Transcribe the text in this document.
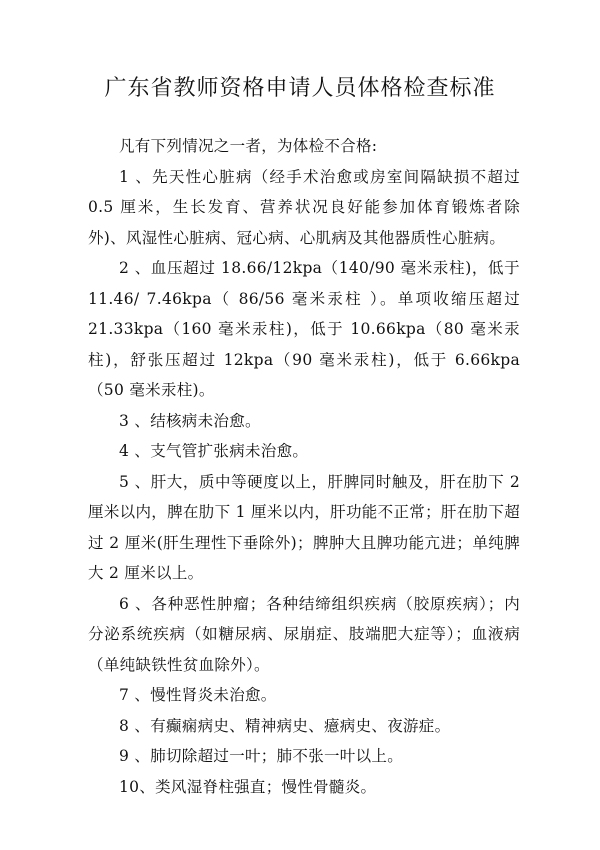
广东省教师资格申请人员体格检查标准

凡有下列情况之一者，为体检不合格:

1 、先天性心脏病（经手术治愈或房室间隔缺损不超过 0.5 厘米，生长发育、营养状况良好能参加体育锻炼者除外)、风湿性心脏病、冠心病、心肌病及其他器质性心脏病。

2 、血压超过 18.66/12kpa（140/90 毫米汞柱)，低于 11.46/ 7.46kpa（ 86/56 毫米汞柱 ）。单项收缩压超过 21.33kpa（160 毫米汞柱)，低于 10.66kpa（80 毫米汞柱)，舒张压超过 12kpa（90 毫米汞柱)，低于 6.66kpa（50 毫米汞柱)。

3 、结核病未治愈。

4 、支气管扩张病未治愈。

5 、肝大，质中等硬度以上，肝脾同时触及，肝在肋下 2 厘米以内，脾在肋下 1 厘米以内，肝功能不正常；肝在肋下超过 2 厘米(肝生理性下垂除外)；脾肿大且脾功能亢进；单纯脾大 2 厘米以上。

6 、各种恶性肿瘤；各种结缔组织疾病（胶原疾病）；内分泌系统疾病（如糖尿病、尿崩症、肢端肥大症等）；血液病（单纯缺铁性贫血除外）。

7 、慢性肾炎未治愈。

8 、有癫痫病史、精神病史、癔病史、夜游症。

9 、肺切除超过一叶；肺不张一叶以上。

10、类风湿脊柱强直；慢性骨髓炎。
